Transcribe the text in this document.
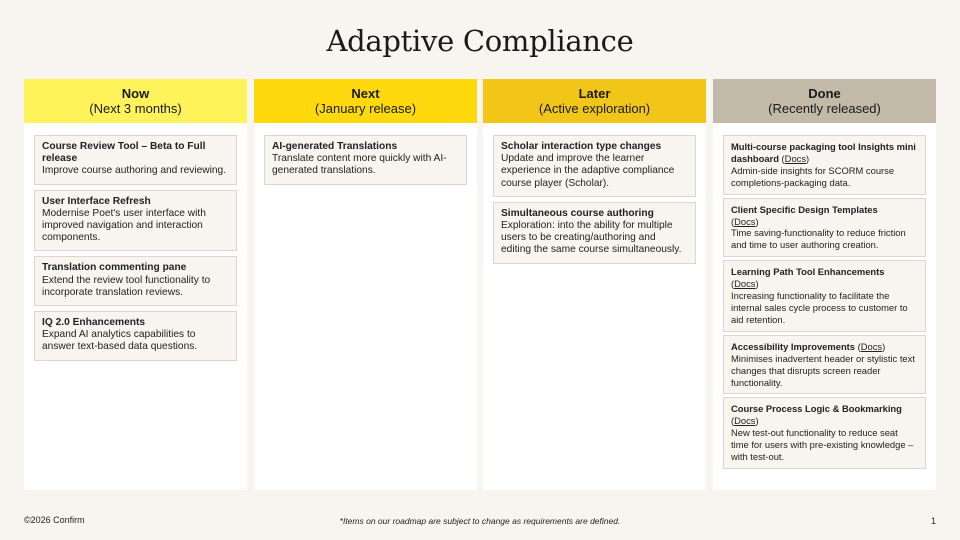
Adaptive Compliance
Now
(Next 3 months)
Course Review Tool – Beta to Full release
Improve course authoring and reviewing.
User Interface Refresh
Modernise Poet's user interface with improved navigation and interaction components.
Translation commenting pane
Extend the review tool functionality to incorporate translation reviews.
IQ 2.0 Enhancements
Expand AI analytics capabilities to answer text-based data questions.
Next
(January release)
AI-generated Translations
Translate content more quickly with AI-generated translations.
Later
(Active exploration)
Scholar interaction type changes
Update and improve the learner experience in the adaptive compliance course player (Scholar).
Simultaneous course authoring
Exploration: into the ability for multiple users to be creating/authoring and editing the same course simultaneously.
Done
(Recently released)
Multi-course packaging tool Insights mini dashboard (Docs)
Admin-side insights for SCORM course completions-packaging data.
Client Specific Design Templates
(Docs)
Time saving-functionality to reduce friction and time to user authoring creation.
Learning Path Tool Enhancements
(Docs)
Increasing functionality to facilitate the internal sales cycle process to customer to aid retention.
Accessibility Improvements (Docs)
Minimises inadvertent header or stylistic text changes that disrupts screen reader functionality.
Course Process Logic & Bookmarking
(Docs)
New test-out functionality to reduce seat time for users with pre-existing knowledge – with test-out.
©2026 Confirm	*Items on our roadmap are subject to change as requirements are defined.	1
